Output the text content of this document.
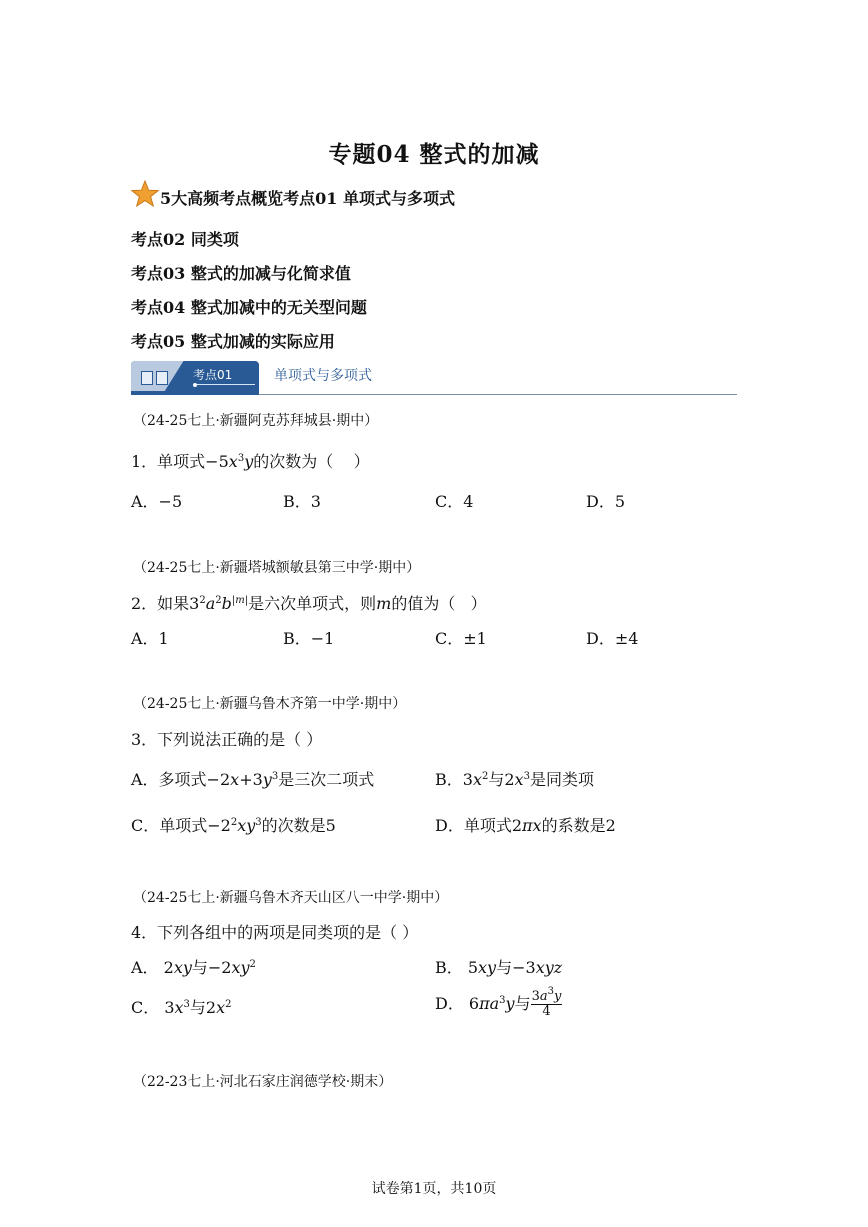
专题04 整式的加减
5大高频考点概览考点01 单项式与多项式
考点02 同类项
考点03 整式的加减与化简求值
考点04 整式加减中的无关型问题
考点05 整式加减的实际应用
考点01	单项式与多项式
（24-25七上·新疆阿克苏拜城县·期中）
1．单项式$-5x^3y$的次数为（    ）
A．−5	B．3	C．4	D．5
（24-25七上·新疆塔城额敏县第三中学·期中）
2．如果$3^2a^2b^{|m|}$是六次单项式，则m的值为（   ）
A．1	B．−1	C．±1	D．±4
（24-25七上·新疆乌鲁木齐第一中学·期中）
3．下列说法正确的是（ ）
A．多项式$-2x+3y^3$是三次二项式	B．$3x^2$与$2x^3$是同类项
C．单项式$-2^2xy^3$的次数是5	D．单项式2πx的系数是2
（24-25七上·新疆乌鲁木齐天山区八一中学·期中）
4．下列各组中的两项是同类项的是（ ）
A． 2xy与$-2xy^2$	B． 5xy与−3xyz
C． $3x^3$与$2x^2$	D． $6\pi a^3y$与 $\frac{3a^3y}{4}$
（22-23七上·河北石家庄润德学校·期末）
试卷第1页，共10页
